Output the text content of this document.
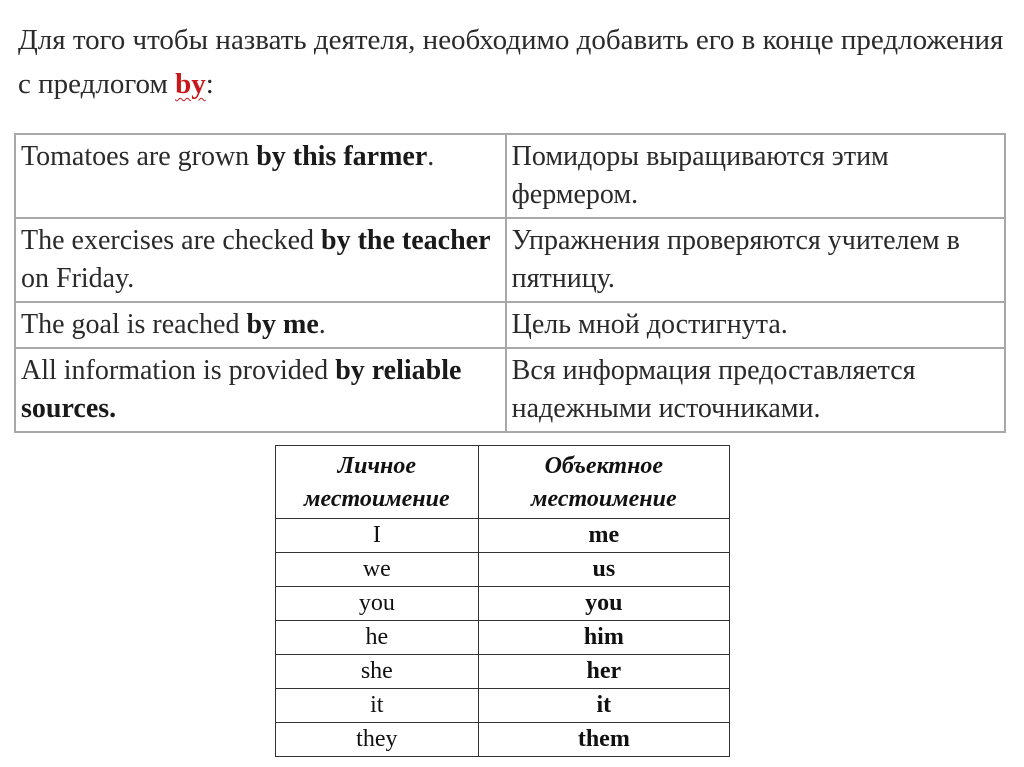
Для того чтобы назвать деятеля, необходимо добавить его в конце предложения с предлогом by:
Tomatoes are grown by this farmer.	Помидоры выращиваются этим фермером.
The exercises are checked by the teacher on Friday.	Упражнения проверяются учителем в пятницу.
The goal is reached by me.	Цель мной достигнута.
All information is provided by reliable sources.	Вся информация предоставляется надежными источниками.
Личное местоимение	Объектное местоимение
I	me
we	us
you	you
he	him
she	her
it	it
they	them
